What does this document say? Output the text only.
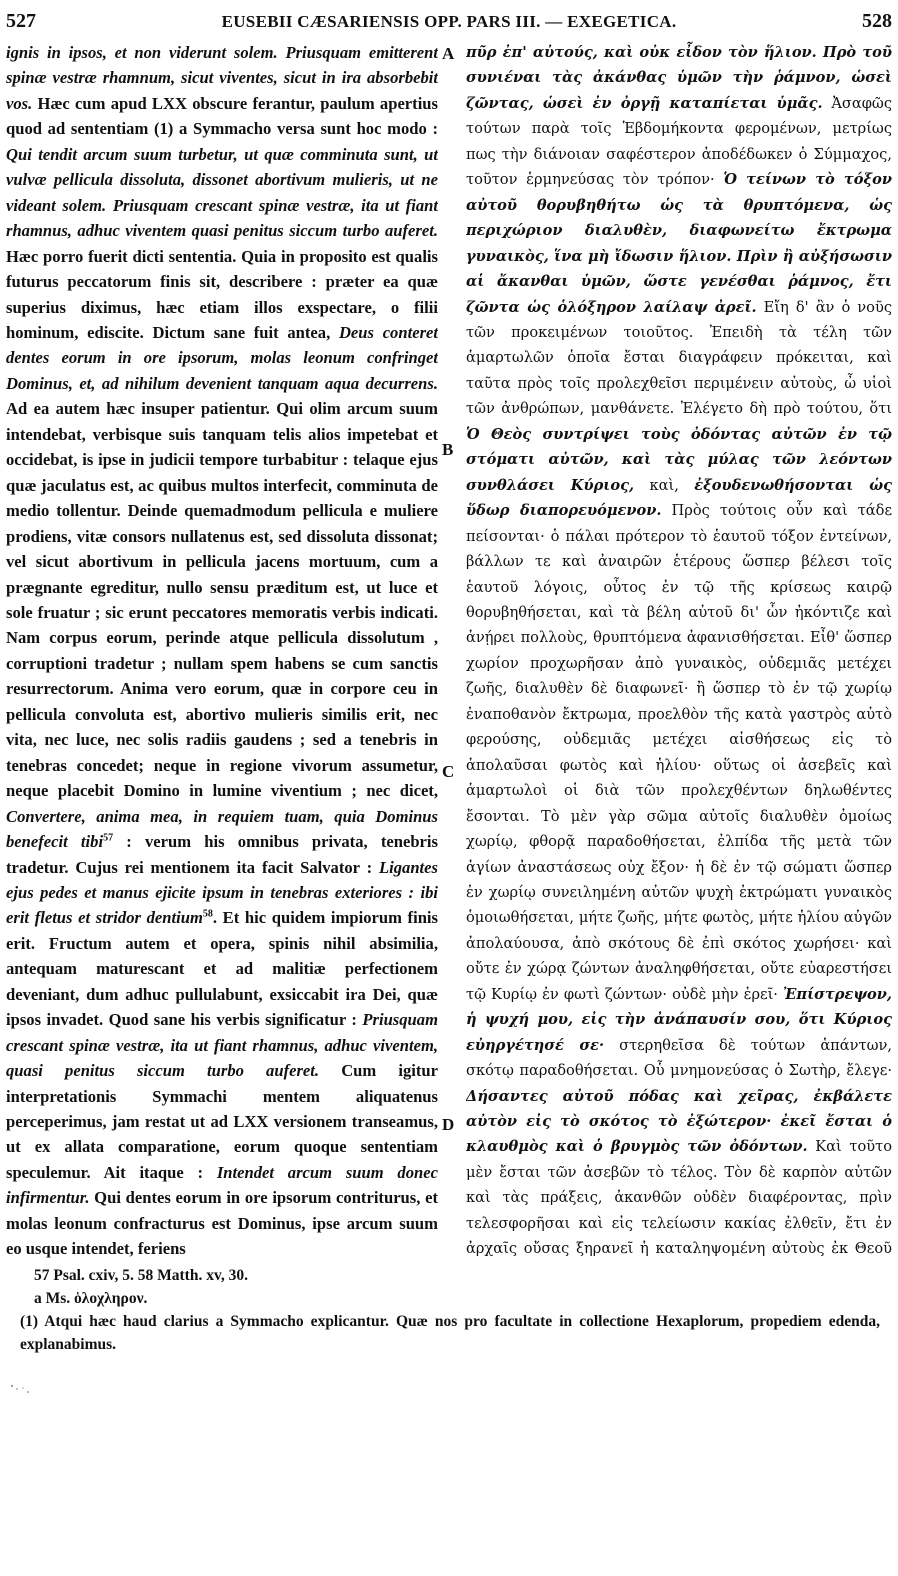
527	EUSEBII CÆSARIENSIS OPP. PARS III. — EXEGETICA.	528

ignis in ipsos, et non viderunt solem. Priusquam emitterent spinæ vestræ rhamnum, sicut viventes, sicut in ira absorbebit vos. Hæc cum apud LXX obscure ferantur, paulum apertius quod ad sententiam (1) a Symmacho versa sunt hoc modo : Qui tendit arcum suum turbetur, ut quæ comminuta sunt, ut vulvæ pellicula dissoluta, dissonet abortivum mulieris, ut ne videant solem. Priusquam crescant spinæ vestræ, ita ut fiant rhamnus, adhuc viventem quasi penitus siccum turbo auferet. Hæc porro fuerit dicti sententia. Quia in proposito est qualis futurus peccatorum finis sit, describere : præter ea quæ superius diximus, hæc etiam illos exspectare, o filii hominum, ediscite. Dictum sane fuit antea, Deus conteret dentes eorum in ore ipsorum, molas leonum confringet Dominus, et, ad nihilum devenient tanquam aqua decurrens. Ad ea autem hæc insuper patientur. Qui olim arcum suum intendebat, verbisque suis tanquam telis alios impetebat et occidebat, is ipse in judicii tempore turbabitur : telaque ejus quæ jaculatus est, ac quibus multos interfecit, comminuta de medio tollentur. Deinde quemadmodum pellicula e muliere prodiens, vitæ consors nullatenus est, sed dissoluta dissonat; vel sicut abortivum in pellicula jacens mortuum, cum a prægnante egreditur, nullo sensu præditum est, ut luce et sole fruatur ; sic erunt peccatores memoratis verbis indicati. Nam corpus eorum, perinde atque pellicula dissolutum , corruptioni tradetur ; nullam spem habens se cum sanctis resurrectorum. Anima vero eorum, quæ in corpore ceu in pellicula convoluta est, abortivo mulieris similis erit, nec vita, nec luce, nec solis radiis gaudens ; sed a tenebris in tenebras concedet; neque in regione vivorum assumetur, neque placebit Domino in lumine viventium ; nec dicet, Convertere, anima mea, in requiem tuam, quia Dominus benefecit tibi$^{57}$ : verum his omnibus privata, tenebris tradetur. Cujus rei mentionem ita facit Salvator : Ligantes ejus pedes et manus ejicite ipsum in tenebras exteriores : ibi erit fletus et stridor dentium$^{58}$. Et hic quidem impiorum finis erit. Fructum autem et opera, spinis nihil absimilia, antequam maturescant et ad malitiæ perfectionem deveniant, dum adhuc pullulabunt, exsiccabit ira Dei, quæ ipsos invadet. Quod sane his verbis significatur : Priusquam crescant spinæ vestræ, ita ut fiant rhamnus, adhuc viventem, quasi penitus siccum turbo auferet. Cum igitur interpretationis Symmachi mentem aliquatenus perceperimus, jam restat ut ad LXX versionem transeamus, ut ex allata comparatione, eorum quoque sententiam speculemur. Ait itaque : Intendet arcum suum donec infirmentur. Qui dentes eorum in ore ipsorum contriturus, et molas leonum confracturus est Dominus, ipse arcum suum eo usque intendet, feriens

A
B
C
D

πῦρ ἐπ' αὐτούς, καὶ οὐκ εἶδον τὸν ἥλιον. Πρὸ τοῦ συνιέναι τὰς ἀκάνθας ὑμῶν τὴν ῥάμνον, ὡσεὶ ζῶντας, ὡσεὶ ἐν ὀργῇ καταπίεται ὑμᾶς. Ἀσαφῶς τούτων παρὰ τοῖς Ἑβδομήκοντα φερομένων, μετρίως πως τὴν διάνοιαν σαφέστερον ἀποδέδωκεν ὁ Σύμμαχος, τοῦτον ἑρμηνεύσας τὸν τρόπον· Ὁ τείνων τὸ τόξον αὐτοῦ θορυβηθήτω ὡς τὰ θρυπτόμενα, ὡς περιχώριον διαλυθὲν, διαφωνείτω ἔκτρωμα γυναικὸς, ἵνα μὴ ἴδωσιν ἥλιον. Πρὶν ἢ αὐξήσωσιν αἱ ἄκανθαι ὑμῶν, ὥστε γενέσθαι ῥάμνος, ἔτι ζῶντα ὡς ὁλόξηρον λαίλαψ ἀρεῖ. Εἴη δ' ἂν ὁ νοῦς τῶν προκειμένων τοιοῦτος. Ἐπειδὴ τὰ τέλη τῶν ἁμαρτωλῶν ὁποῖα ἔσται διαγράφειν πρόκειται, καὶ ταῦτα πρὸς τοῖς προλεχθεῖσι περιμένειν αὐτοὺς, ὦ υἱοὶ τῶν ἀνθρώπων, μανθάνετε. Ἐλέγετο δὴ πρὸ τούτου, ὅτι Ὁ Θεὸς συντρίψει τοὺς ὀδόντας αὐτῶν ἐν τῷ στόματι αὐτῶν, καὶ τὰς μύλας τῶν λεόντων συνθλάσει Κύριος, καὶ, ἐξουδενωθήσονται ὡς ὕδωρ διαπορευόμενον. Πρὸς τούτοις οὖν καὶ τάδε πείσονται· ὁ πάλαι πρότερον τὸ ἑαυτοῦ τόξον ἐντείνων, βάλλων τε καὶ ἀναιρῶν ἑτέρους ὥσπερ βέλεσι τοῖς ἑαυτοῦ λόγοις, οὗτος ἐν τῷ τῆς κρίσεως καιρῷ θορυβηθήσεται, καὶ τὰ βέλη αὐτοῦ δι' ὧν ἠκόντιζε καὶ ἀνῄρει πολλοὺς, θρυπτόμενα ἀφανισθήσεται. Εἶθ' ὥσπερ χωρίον προχωρῆσαν ἀπὸ γυναικὸς, οὐδεμιᾶς μετέχει ζωῆς, διαλυθὲν δὲ διαφωνεῖ· ἢ ὥσπερ τὸ ἐν τῷ χωρίῳ ἐναποθανὸν ἔκτρωμα, προελθὸν τῆς κατὰ γαστρὸς αὐτὸ φερούσης, οὐδεμιᾶς μετέχει αἰσθήσεως εἰς τὸ ἀπολαῦσαι φωτὸς καὶ ἡλίου· οὕτως οἱ ἀσεβεῖς καὶ ἁμαρτωλοὶ οἱ διὰ τῶν προλεχθέντων δηλωθέντες ἔσονται. Τὸ μὲν γὰρ σῶμα αὐτοῖς διαλυθὲν ὁμοίως χωρίῳ, φθορᾷ παραδοθήσεται, ἐλπίδα τῆς μετὰ τῶν ἁγίων ἀναστάσεως οὐχ ἔξον· ἡ δὲ ἐν τῷ σώματι ὥσπερ ἐν χωρίῳ συνειλημένη αὐτῶν ψυχὴ ἐκτρώματι γυναικὸς ὁμοιωθήσεται, μήτε ζωῆς, μήτε φωτὸς, μήτε ἡλίου αὐγῶν ἀπολαύουσα, ἀπὸ σκότους δὲ ἐπὶ σκότος χωρήσει· καὶ οὔτε ἐν χώρᾳ ζώντων ἀναληφθήσεται, οὔτε εὐαρεστήσει τῷ Κυρίῳ ἐν φωτὶ ζώντων· οὐδὲ μὴν ἐρεῖ· Ἐπίστρεψον, ἡ ψυχή μου, εἰς τὴν ἀνάπαυσίν σου, ὅτι Κύριος εὐηργέτησέ σε· στερηθεῖσα δὲ τούτων ἁπάντων, σκότῳ παραδοθήσεται. Οὗ μνημονεύσας ὁ Σωτὴρ, ἔλεγε· Δήσαντες αὐτοῦ πόδας καὶ χεῖρας, ἐκβάλετε αὐτὸν εἰς τὸ σκότος τὸ ἐξώτερον· ἐκεῖ ἔσται ὁ κλαυθμὸς καὶ ὁ βρυγμὸς τῶν ὀδόντων. Καὶ τοῦτο μὲν ἔσται τῶν ἀσεβῶν τὸ τέλος. Τὸν δὲ καρπὸν αὐτῶν καὶ τὰς πράξεις, ἀκανθῶν οὐδὲν διαφέροντας, πρὶν τελεσφορῆσαι καὶ εἰς τελείωσιν κακίας ἐλθεῖν, ἔτι ἐν ἀρχαῖς οὔσας ξηρανεῖ ἡ καταληψομένη αὐτοὺς ἐκ Θεοῦ

57 Psal. cxiv, 5. 58 Matth. xv, 30.

a Ms. ὁλοχληρον.

(1) Atqui hæc haud clarius a Symmacho explicantur. Quæ nos pro facultate in collectione Hexaplorum, propediem edenda, explanabimus.
